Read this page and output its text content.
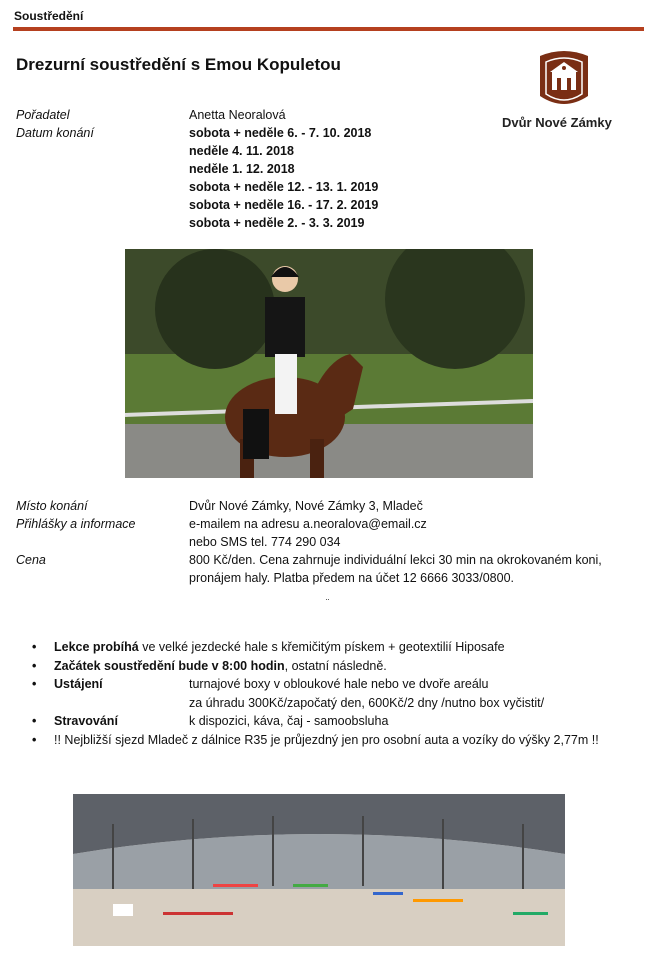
Soustředění
Drezurní soustředění s Emou Kopuletou
Dvůr Nové Zámky
Pořadatel	Anetta Neoralová
Datum konání	sobota + neděle 6. - 7. 10. 2018
neděle 4. 11. 2018
neděle 1. 12. 2018
sobota + neděle 12. - 13. 1. 2019
sobota + neděle 16. - 17. 2. 2019
sobota + neděle 2. - 3. 3. 2019
Místo konání	Dvůr Nové Zámky, Nové Zámky 3, Mladeč
Přihlášky a informace	e-mailem na adresu a.neoralova@email.cz
nebo SMS tel. 774 290 034
Cena	800 Kč/den. Cena zahrnuje individuální lekci 30 min na okrokovaném koni,
pronájem haly. Platba předem na účet 12 6666 3033/0800.
¨
Lekce probíhá ve velké jezdecké hale s křemičitým pískem + geotextilií Hiposafe
Začátek soustředění bude v 8:00 hodin, ostatní následně.
Ustájení	turnajové boxy v obloukové hale nebo ve dvoře areálu
za úhradu 300Kč/započatý den, 600Kč/2 dny /nutno box vyčistit/
Stravování	k dispozici, káva, čaj - samoobsluha
!! Nejbližší sjezd Mladeč z dálnice R35 je průjezdný jen pro osobní auta a vozíky do výšky 2,77m !!
